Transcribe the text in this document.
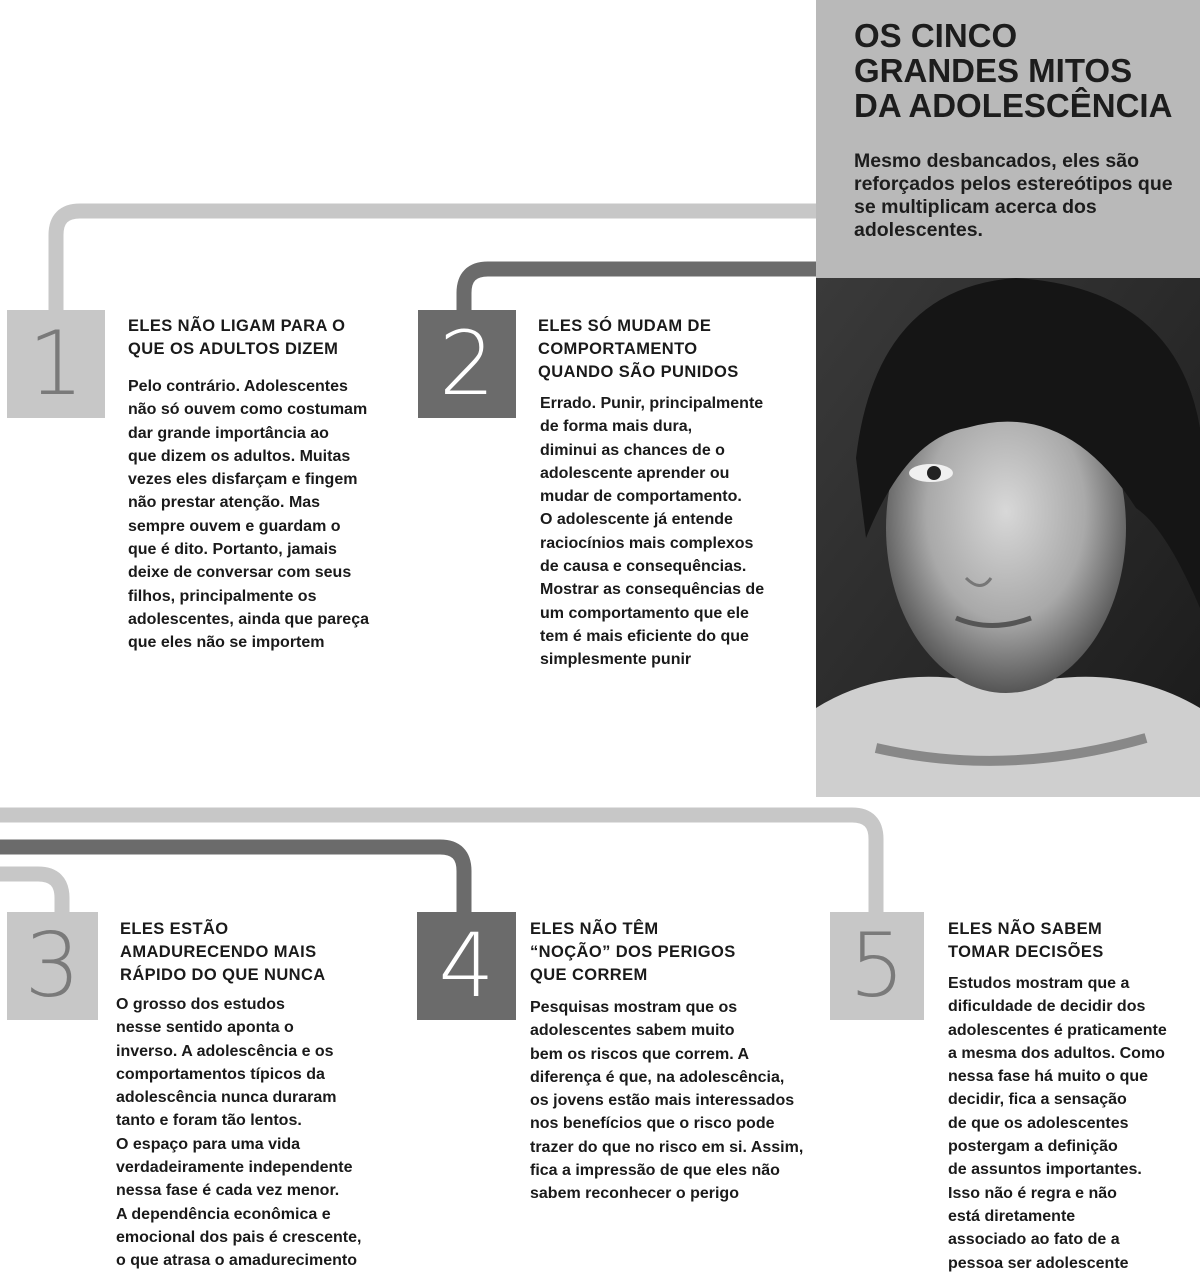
OS CINCO
GRANDES MITOS
DA ADOLESCÊNCIA

Mesmo desbancados, eles são reforçados pelos estereótipos que se multiplicam acerca dos adolescentes.

1	ELES NÃO LIGAM PARA O
QUE OS ADULTOS DIZEM

Pelo contrário. Adolescentes
não só ouvem como costumam
dar grande importância ao
que dizem os adultos. Muitas
vezes eles disfarçam e fingem
não prestar atenção. Mas
sempre ouvem e guardam o
que é dito. Portanto, jamais
deixe de conversar com seus
filhos, principalmente os
adolescentes, ainda que pareça
que eles não se importem

2	ELES SÓ MUDAM DE
COMPORTAMENTO
QUANDO SÃO PUNIDOS

Errado. Punir, principalmente
de forma mais dura,
diminui as chances de o
adolescente aprender ou
mudar de comportamento.
O adolescente já entende
raciocínios mais complexos
de causa e consequências.
Mostrar as consequências de
um comportamento que ele
tem é mais eficiente do que
simplesmente punir

3 ELES ESTÃO
AMADURECENDO MAIS
RÁPIDO DO QUE NUNCA

O grosso dos estudos
nesse sentido aponta o
inverso. A adolescência e os
comportamentos típicos da
adolescência nunca duraram
tanto e foram tão lentos.
O espaço para uma vida
verdadeiramente independente
nessa fase é cada vez menor.
A dependência econômica e
emocional dos pais é crescente,
o que atrasa o amadurecimento

4 ELES NÃO TÊM
“NOÇÃO” DOS PERIGOS
QUE CORREM

Pesquisas mostram que os
adolescentes sabem muito
bem os riscos que correm. A
diferença é que, na adolescência,
os jovens estão mais interessados
nos benefícios que o risco pode
trazer do que no risco em si. Assim,
fica a impressão de que eles não
sabem reconhecer o perigo

5	ELES NÃO SABEM
TOMAR DECISÕES

Estudos mostram que a
dificuldade de decidir dos
adolescentes é praticamente
a mesma dos adultos. Como
nessa fase há muito o que
decidir, fica a sensação
de que os adolescentes
postergam a definição
de assuntos importantes.
Isso não é regra e não
está diretamente
associado ao fato de a
pessoa ser adolescente
